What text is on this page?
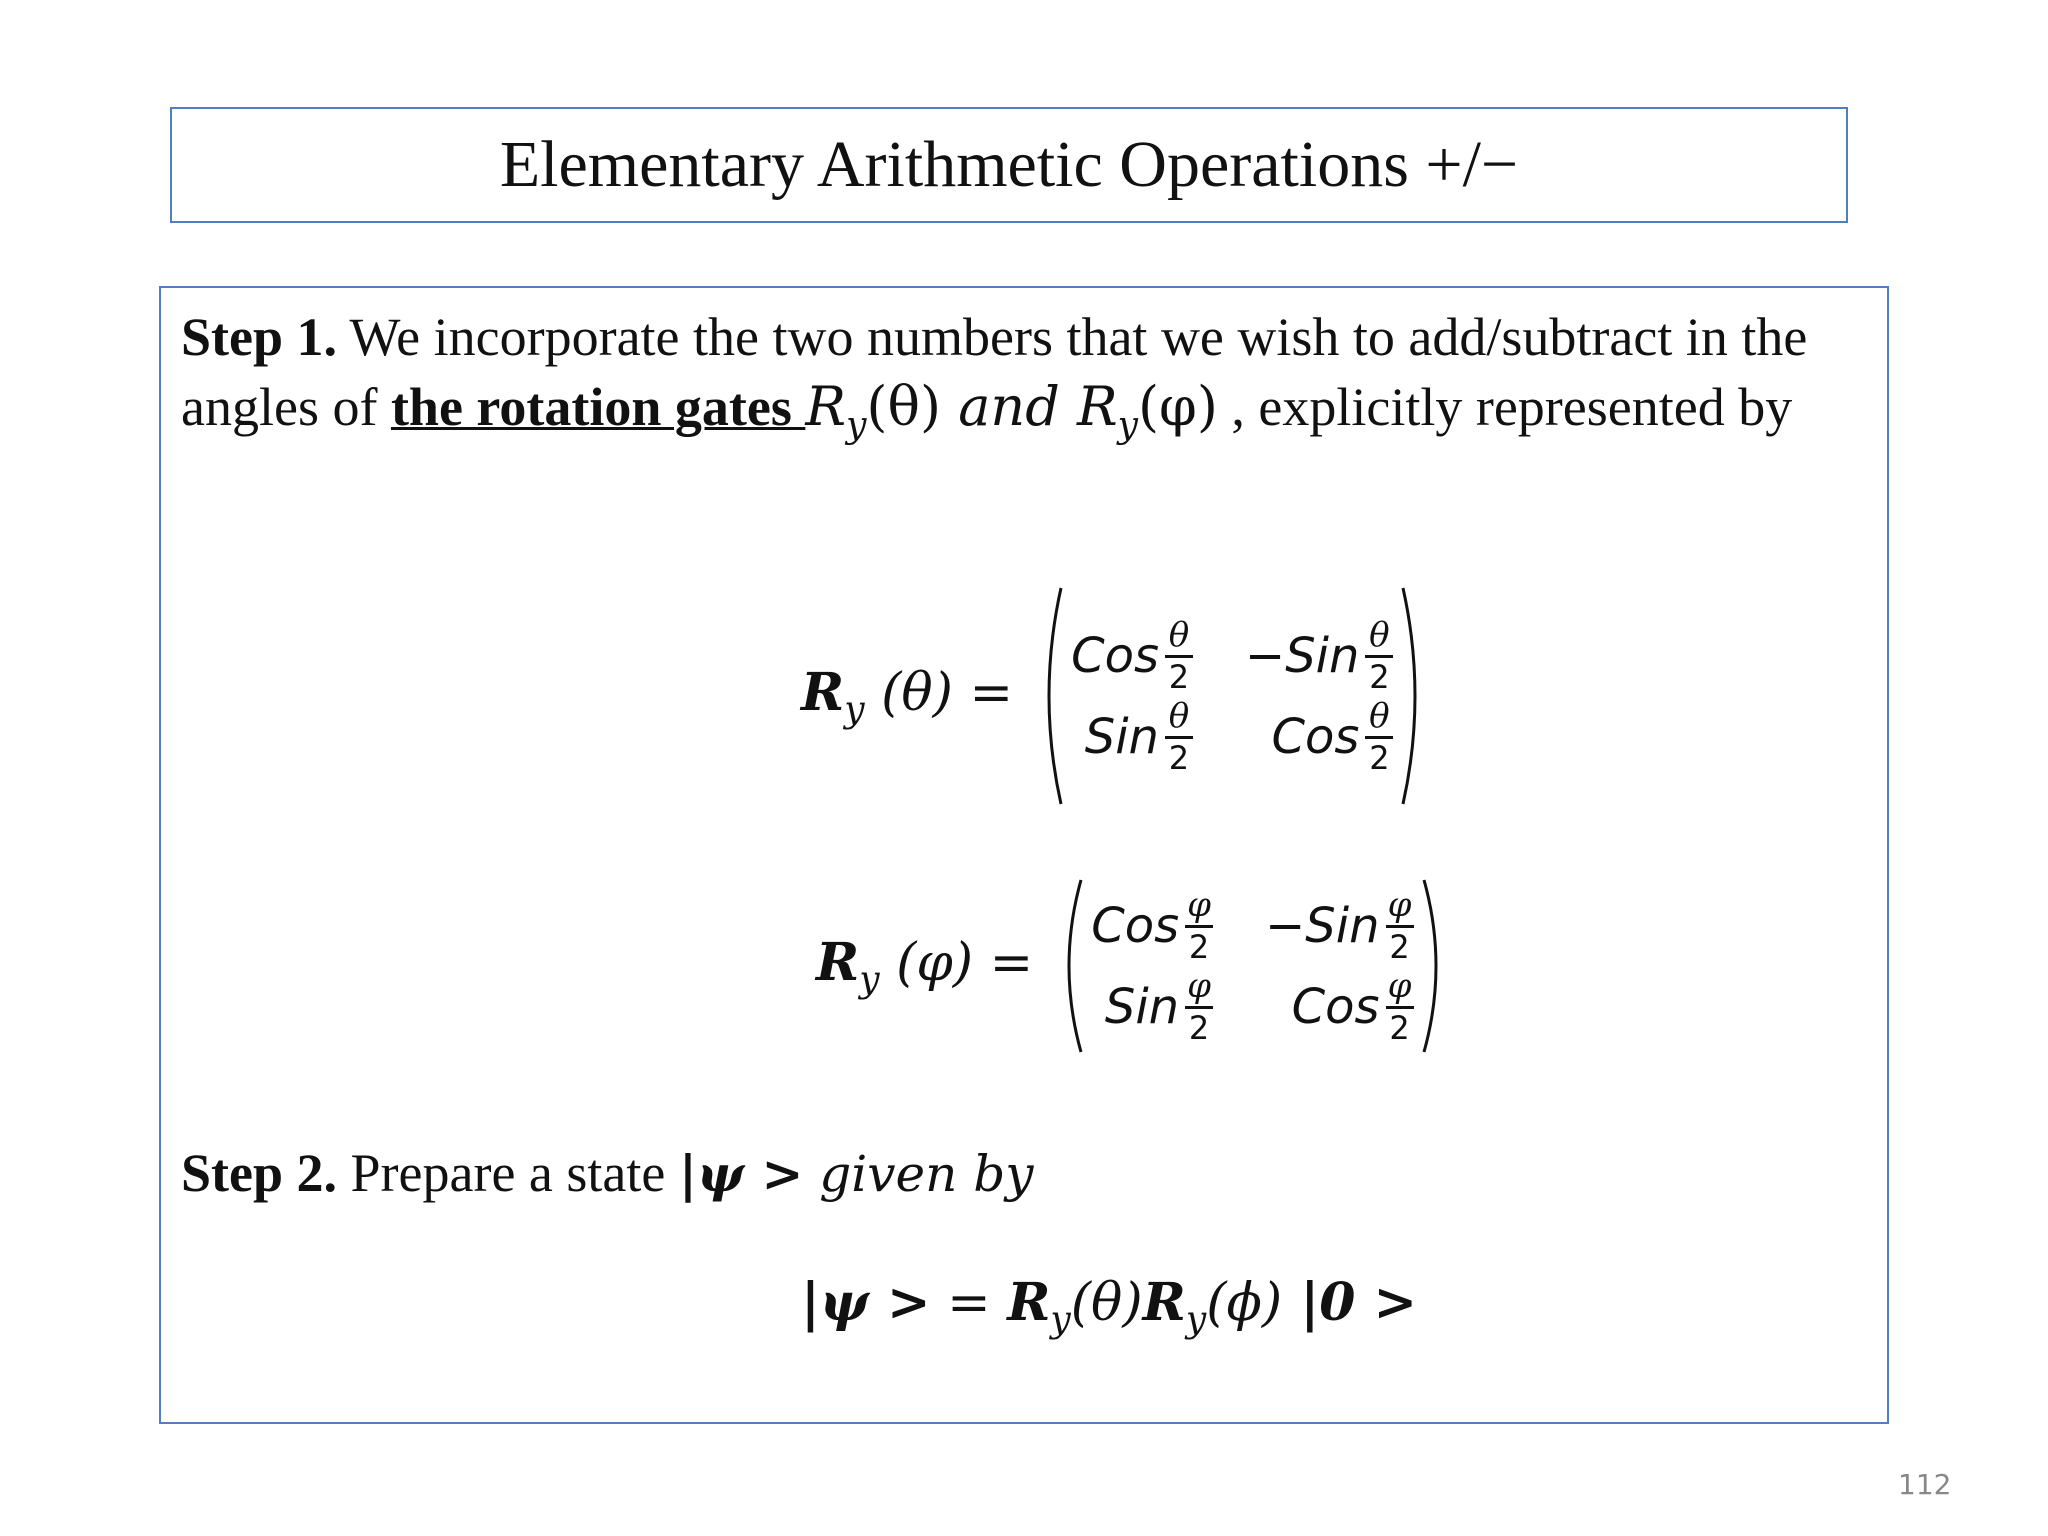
Elementary Arithmetic Operations +/−
Step 1. We incorporate the two numbers that we wish to add/subtract in the angles of the rotation gates $R_y(\theta)$ and $R_y(\varphi)$ , explicitly represented by
$R_y$ (θ) =
Cos $\frac{\theta}{2} -Sin \frac{\theta}{2}$
Sin $\frac{\theta}{2}$ Cos $\frac{\theta}{2}$
$R_y$ (φ) =
Cos $\frac{\varphi}{2} -Sin \frac{\varphi}{2}$
Sin $\frac{\varphi}{2}$ Cos $\frac{\varphi}{2}$
Step 2. Prepare a state |ψ > given by
|ψ > = $R_y(\theta)R_y(\phi) |0$ >
112
